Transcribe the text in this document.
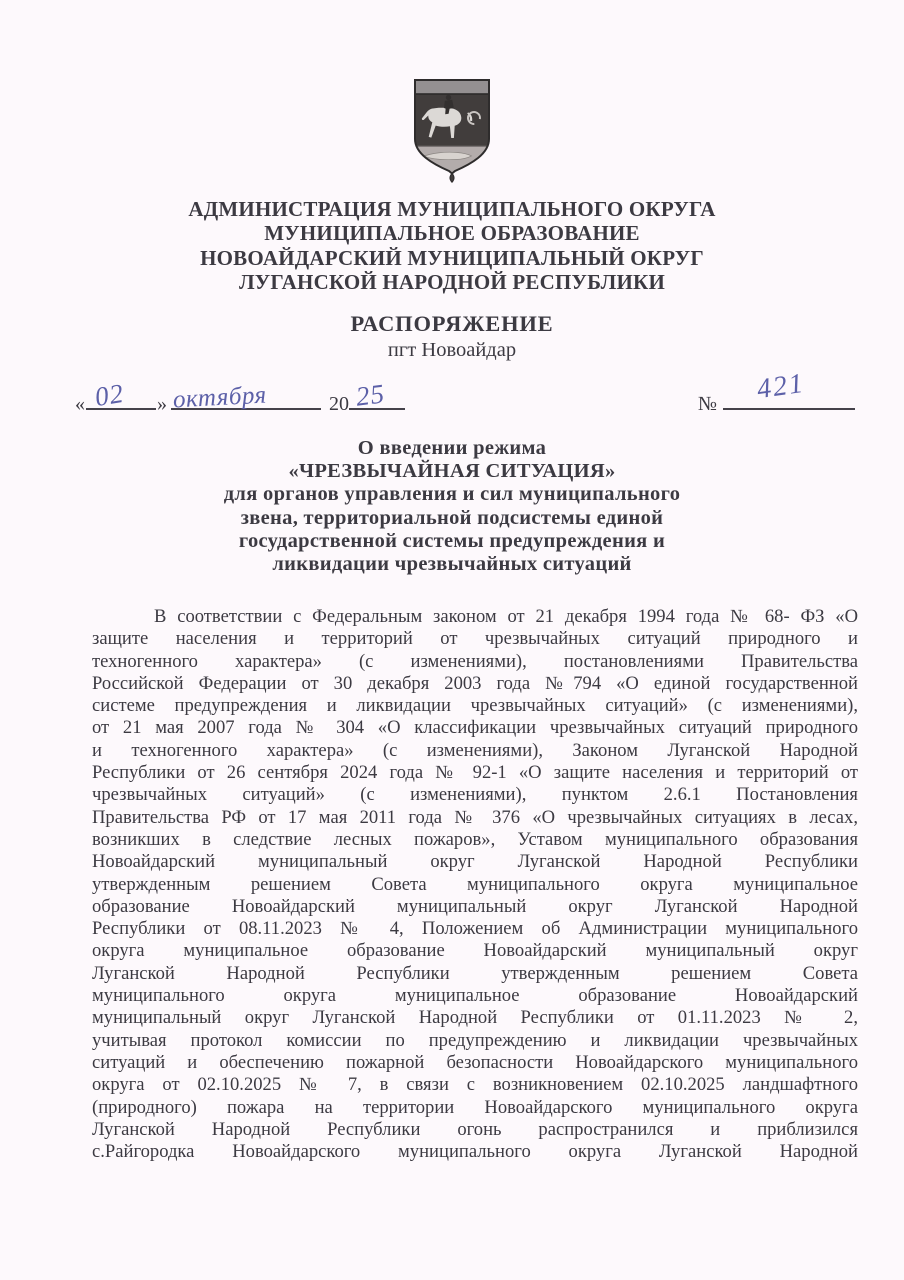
АДМИНИСТРАЦИЯ МУНИЦИПАЛЬНОГО ОКРУГА
МУНИЦИПАЛЬНОЕ ОБРАЗОВАНИЕ
НОВОАЙДАРСКИЙ МУНИЦИПАЛЬНЫЙ ОКРУГ
ЛУГАНСКОЙ НАРОДНОЙ РЕСПУБЛИКИ
РАСПОРЯЖЕНИЕ
пгт Новоайдар
« 02 » октября	20 25	№ 421
О введении режима
«ЧРЕЗВЫЧАЙНАЯ СИТУАЦИЯ»
для органов управления и сил муниципального
звена, территориальной подсистемы единой
государственной системы предупреждения и
ликвидации чрезвычайных ситуаций
В соответствии с Федеральным законом от 21 декабря 1994 года № 68- ФЗ «О
защите населения и территорий от чрезвычайных ситуаций природного и
техногенного характера» (с изменениями), постановлениями Правительства
Российской Федерации от 30 декабря 2003 года №794 «О единой государственной
системе предупреждения и ликвидации чрезвычайных ситуаций» (с изменениями),
от 21 мая 2007 года № 304 «О классификации чрезвычайных ситуаций природного
и техногенного характера» (с изменениями), Законом Луганской Народной
Республики от 26 сентября 2024 года № 92-1 «О защите населения и территорий от
чрезвычайных ситуаций» (с изменениями), пунктом 2.6.1 Постановления
Правительства РФ от 17 мая 2011 года № 376 «О чрезвычайных ситуациях в лесах,
возникших в следствие лесных пожаров», Уставом муниципального образования
Новоайдарский муниципальный округ Луганской Народной Республики
утвержденным решением Совета муниципального округа муниципальное
образование Новоайдарский муниципальный округ Луганской Народной
Республики от 08.11.2023 № 4, Положением об Администрации муниципального
округа муниципальное образование Новоайдарский муниципальный округ
Луганской Народной Республики утвержденным решением Совета
муниципального округа муниципальное образование Новоайдарский
муниципальный округ Луганской Народной Республики от 01.11.2023 № 2,
учитывая протокол комиссии по предупреждению и ликвидации чрезвычайных
ситуаций и обеспечению пожарной безопасности Новоайдарского муниципального
округа от 02.10.2025 № 7, в связи с возникновением 02.10.2025 ландшафтного
(природного) пожара на территории Новоайдарского муниципального округа
Луганской Народной Республики огонь распространился и приблизился
с.Райгородка Новоайдарского муниципального округа Луганской Народной
